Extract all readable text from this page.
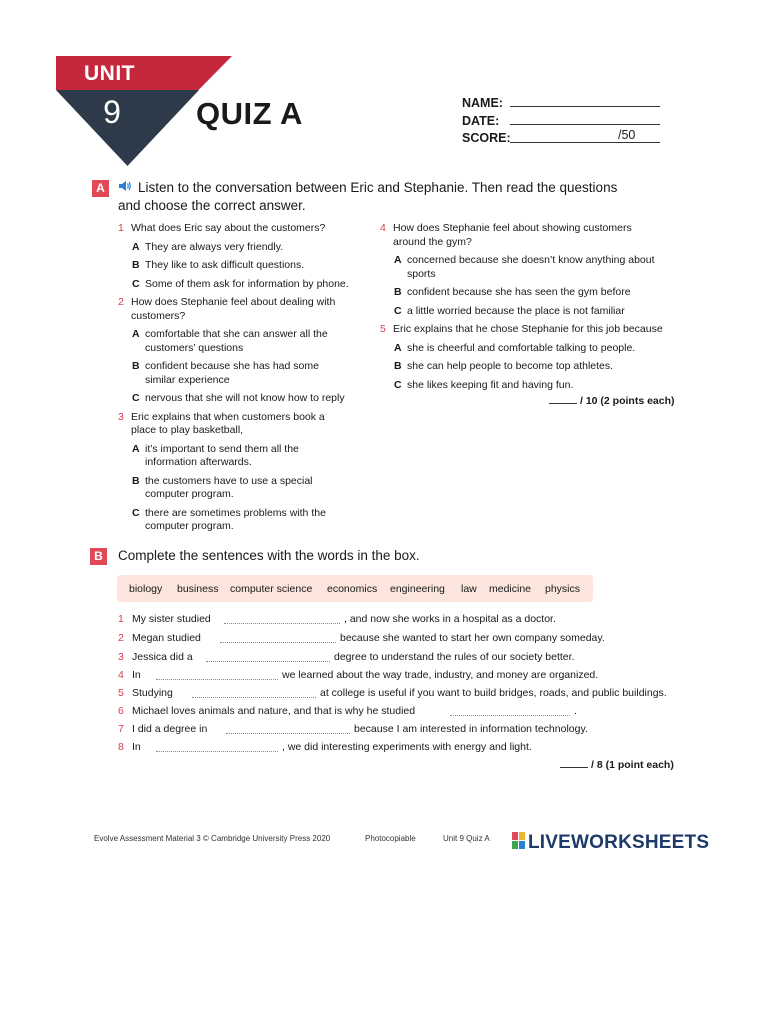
UNIT
9	QUIZ A	NAME:
DATE:
SCORE:	/50
A	Listen to the conversation between Eric and Stephanie. Then read the questions
and choose the correct answer.
1 What does Eric say about the customers?
A They are always very friendly.
B They like to ask difficult questions.
C Some of them ask for information by phone.
2 How does Stephanie feel about dealing with
customers?
A comfortable that she can answer all the
customers’ questions
B confident because she has had some
similar experience
C nervous that she will not know how to reply
3 Eric explains that when customers book a
place to play basketball,
A it’s important to send them all the
information afterwards.
B the customers have to use a special
computer program.
C there are sometimes problems with the
computer program.
4 How does Stephanie feel about showing customers
around the gym?
A concerned because she doesn’t know anything about
sports
B confident because she has seen the gym before
C a little worried because the place is not familiar
5 Eric explains that he chose Stephanie for this job because
A she is cheerful and comfortable talking to people.
B she can help people to become top athletes.
C she likes keeping fit and having fun.
/ 10 (2 points each)
B	Complete the sentences with the words in the box.
biology business computer science economics engineering law medicine physics
1 My sister studied	, and now she works in a hospital as a doctor.
2 Megan studied	because she wanted to start her own company someday.
3 Jessica did a	degree to understand the rules of our society better.
4 In	we learned about the way trade, industry, and money are organized.
5 Studying	at college is useful if you want to build bridges, roads, and public buildings.
6 Michael loves animals and nature, and that is why he studied	.
7 I did a degree in	because I am interested in information technology.
8 In	, we did interesting experiments with energy and light.
/ 8 (1 point each)
Evolve Assessment Material 3 © Cambridge University Press 2020	Photocopiable	Unit 9 Quiz A LIVEWORKSHEETS
